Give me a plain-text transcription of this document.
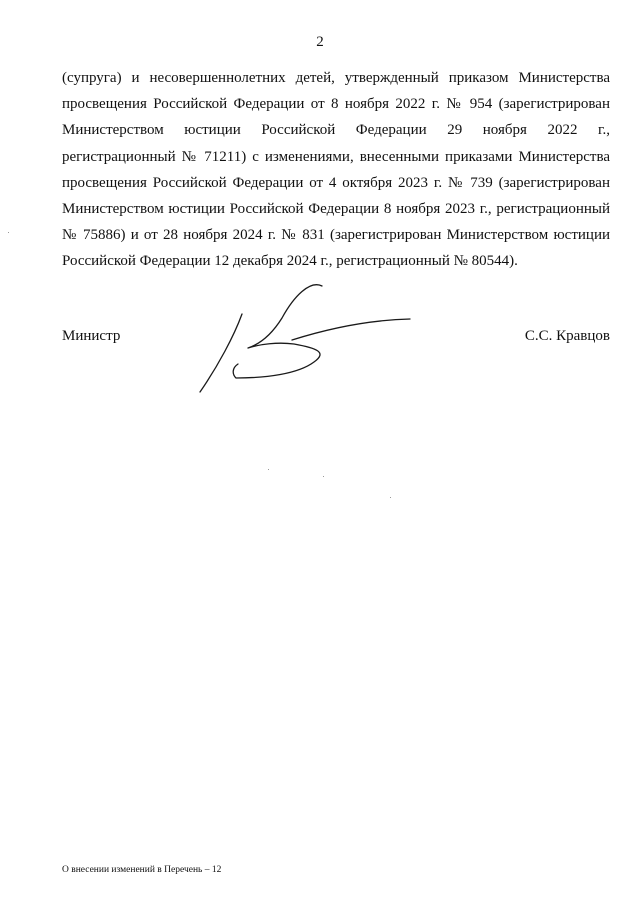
2
(супруга) и несовершеннолетних детей, утвержденный приказом Министерства
просвещения Российской Федерации от 8 ноября 2022 г. № 954 (зарегистрирован
Министерством юстиции Российской Федерации 29 ноября 2022 г.,
регистрационный № 71211) с изменениями, внесенными приказами Министерства
просвещения Российской Федерации от 4 октября 2023 г. № 739 (зарегистрирован
Министерством юстиции Российской Федерации 8 ноября 2023 г., регистрационный
№ 75886) и от 28 ноября 2024 г. № 831 (зарегистрирован Министерством юстиции
Российской Федерации 12 декабря 2024 г., регистрационный № 80544).
Министр	С.С. Кравцов
О внесении изменений в Перечень – 12
